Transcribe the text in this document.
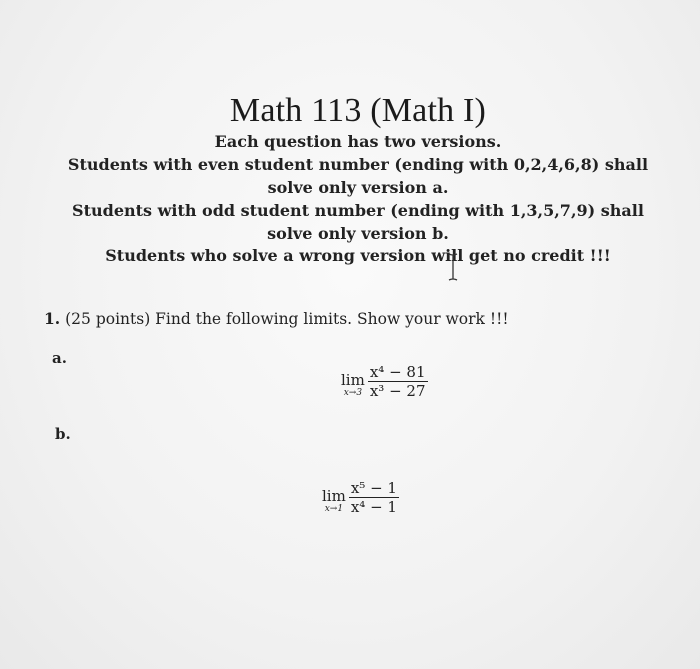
Math 113 (Math I)
Each question has two versions.
Students with even student number (ending with 0,2,4,6,8) shall
solve only version a.
Students with odd student number (ending with 1,3,5,7,9) shall
solve only version b.
Students who solve a wrong version will get no credit !!!
1. (25 points) Find the following limits. Show your work !!!
a.
lim
$x\to 3 \frac{\text{x⁴ − 81}}{\text{x³ − 27}}$
b.
lim
$x\to 1 \frac{\text{x⁵ − 1}}{\text{x⁴ − 1}}$
